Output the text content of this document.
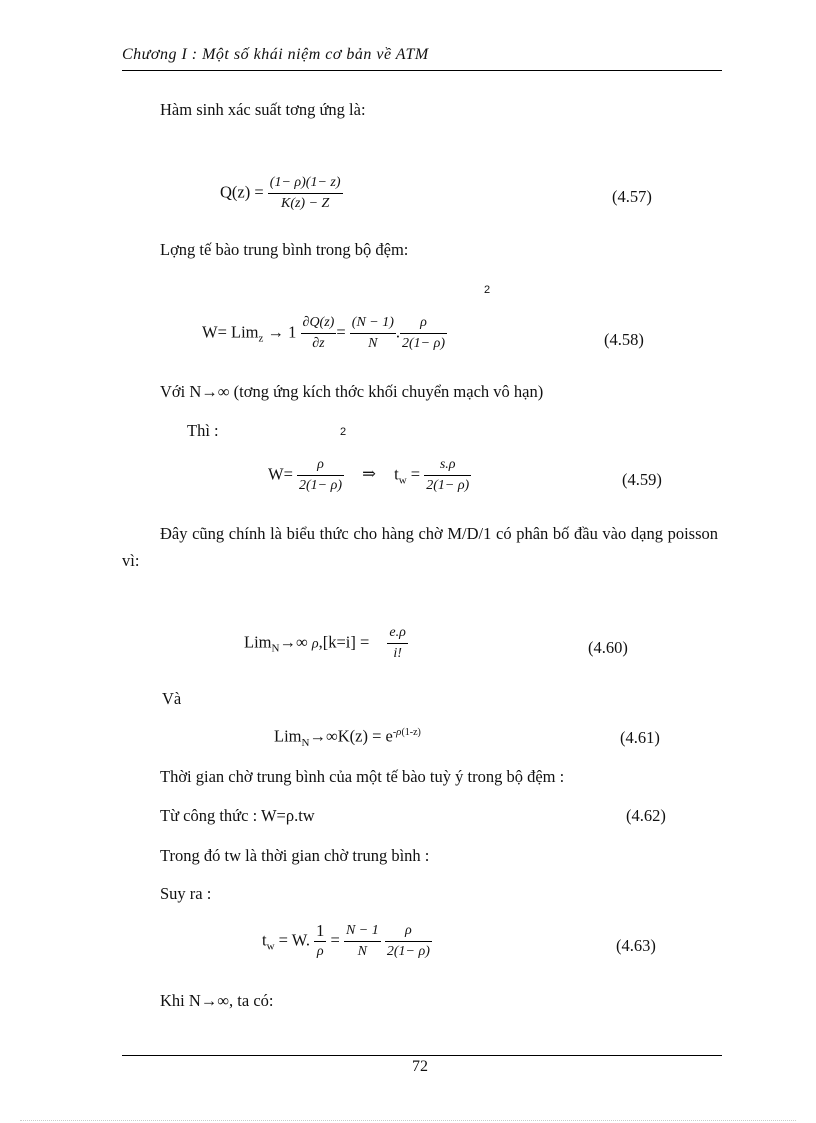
Chương I : Một số khái niệm cơ bản về ATM
Hàm sinh xác suất tơng ứng là:
$Q(z) = \frac{(1- \rho)(1- z)}{K(z) - Z}$	(4.57)
Lợng tế bào trung bình trong bộ đệm:
2
$W= Lim_z \to 1 \frac{\partial Q(z)}{\partial z} = \frac{(N - 1)}{N}$ . $\frac{\rho}{2(1- \rho)}$	(4.58)
Với N→∞ (tơng ứng kích thớc khối chuyển mạch vô hạn)
Thì :	2
$W= \frac{\rho}{2(1- \rho)}$ ⇒ $t_w = \frac{s.\rho}{2(1- \rho)}$	(4.59)
Đây cũng chính là biểu thức cho hàng chờ M/D/1 có phân bố đầu vào dạng poisson vì:
Lim$_N$→∞ $\rho,[k=i] = \frac{e.\rho}{i!}$	(4.60)
Và
$Lim_N\to\infty K(z) = e^{-\rho(1-z)}$	(4.61)
Thời gian chờ trung bình của một tế bào tuỳ ý trong bộ đệm :
Từ công thức : W=ρ.tw	(4.62)
Trong đó tw là thời gian chờ trung bình :
Suy ra :
$t_w = W$. $\frac{1}{\rho} = \frac{N - 1}{N}$
$\frac{\rho}{2(1- \rho)}$	(4.63)
Khi N→∞, ta có:
72
